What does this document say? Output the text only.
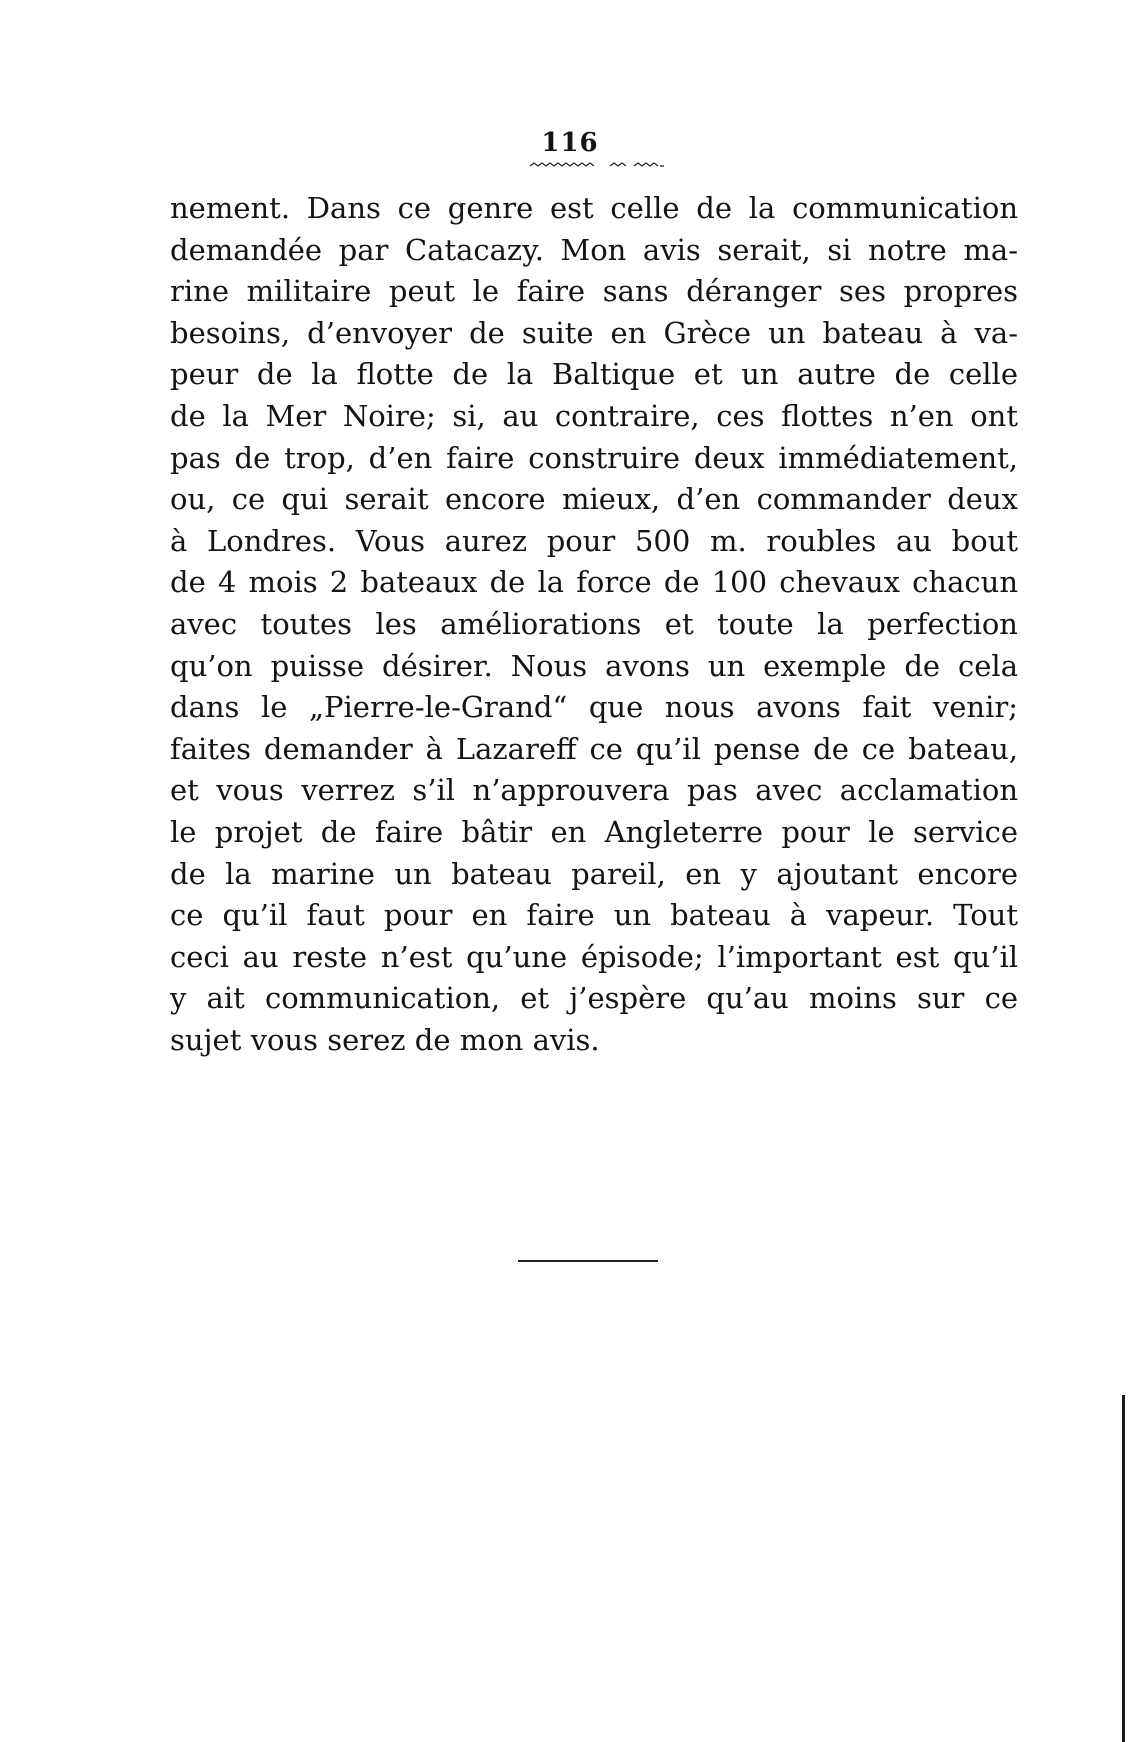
116
nement. Dans ce genre est celle de la communication
demandée par Catacazy. Mon avis serait, si notre ma-
rine militaire peut le faire sans déranger ses propres
besoins, d’envoyer de suite en Grèce un bateau à va-
peur de la flotte de la Baltique et un autre de celle
de la Mer Noire; si, au contraire, ces flottes n’en ont
pas de trop, d’en faire construire deux immédiatement,
ou, ce qui serait encore mieux, d’en commander deux
à Londres. Vous aurez pour 500 m. roubles au bout
de 4 mois 2 bateaux de la force de 100 chevaux chacun
avec toutes les améliorations et toute la perfection
qu’on puisse désirer. Nous avons un exemple de cela
dans le „Pierre-le-Grand“ que nous avons fait venir;
faites demander à Lazareff ce qu’il pense de ce bateau,
et vous verrez s’il n’approuvera pas avec acclamation
le projet de faire bâtir en Angleterre pour le service
de la marine un bateau pareil, en y ajoutant encore
ce qu’il faut pour en faire un bateau à vapeur. Tout
ceci au reste n’est qu’une épisode; l’important est qu’il
y ait communication, et j’espère qu’au moins sur ce
sujet vous serez de mon avis.
